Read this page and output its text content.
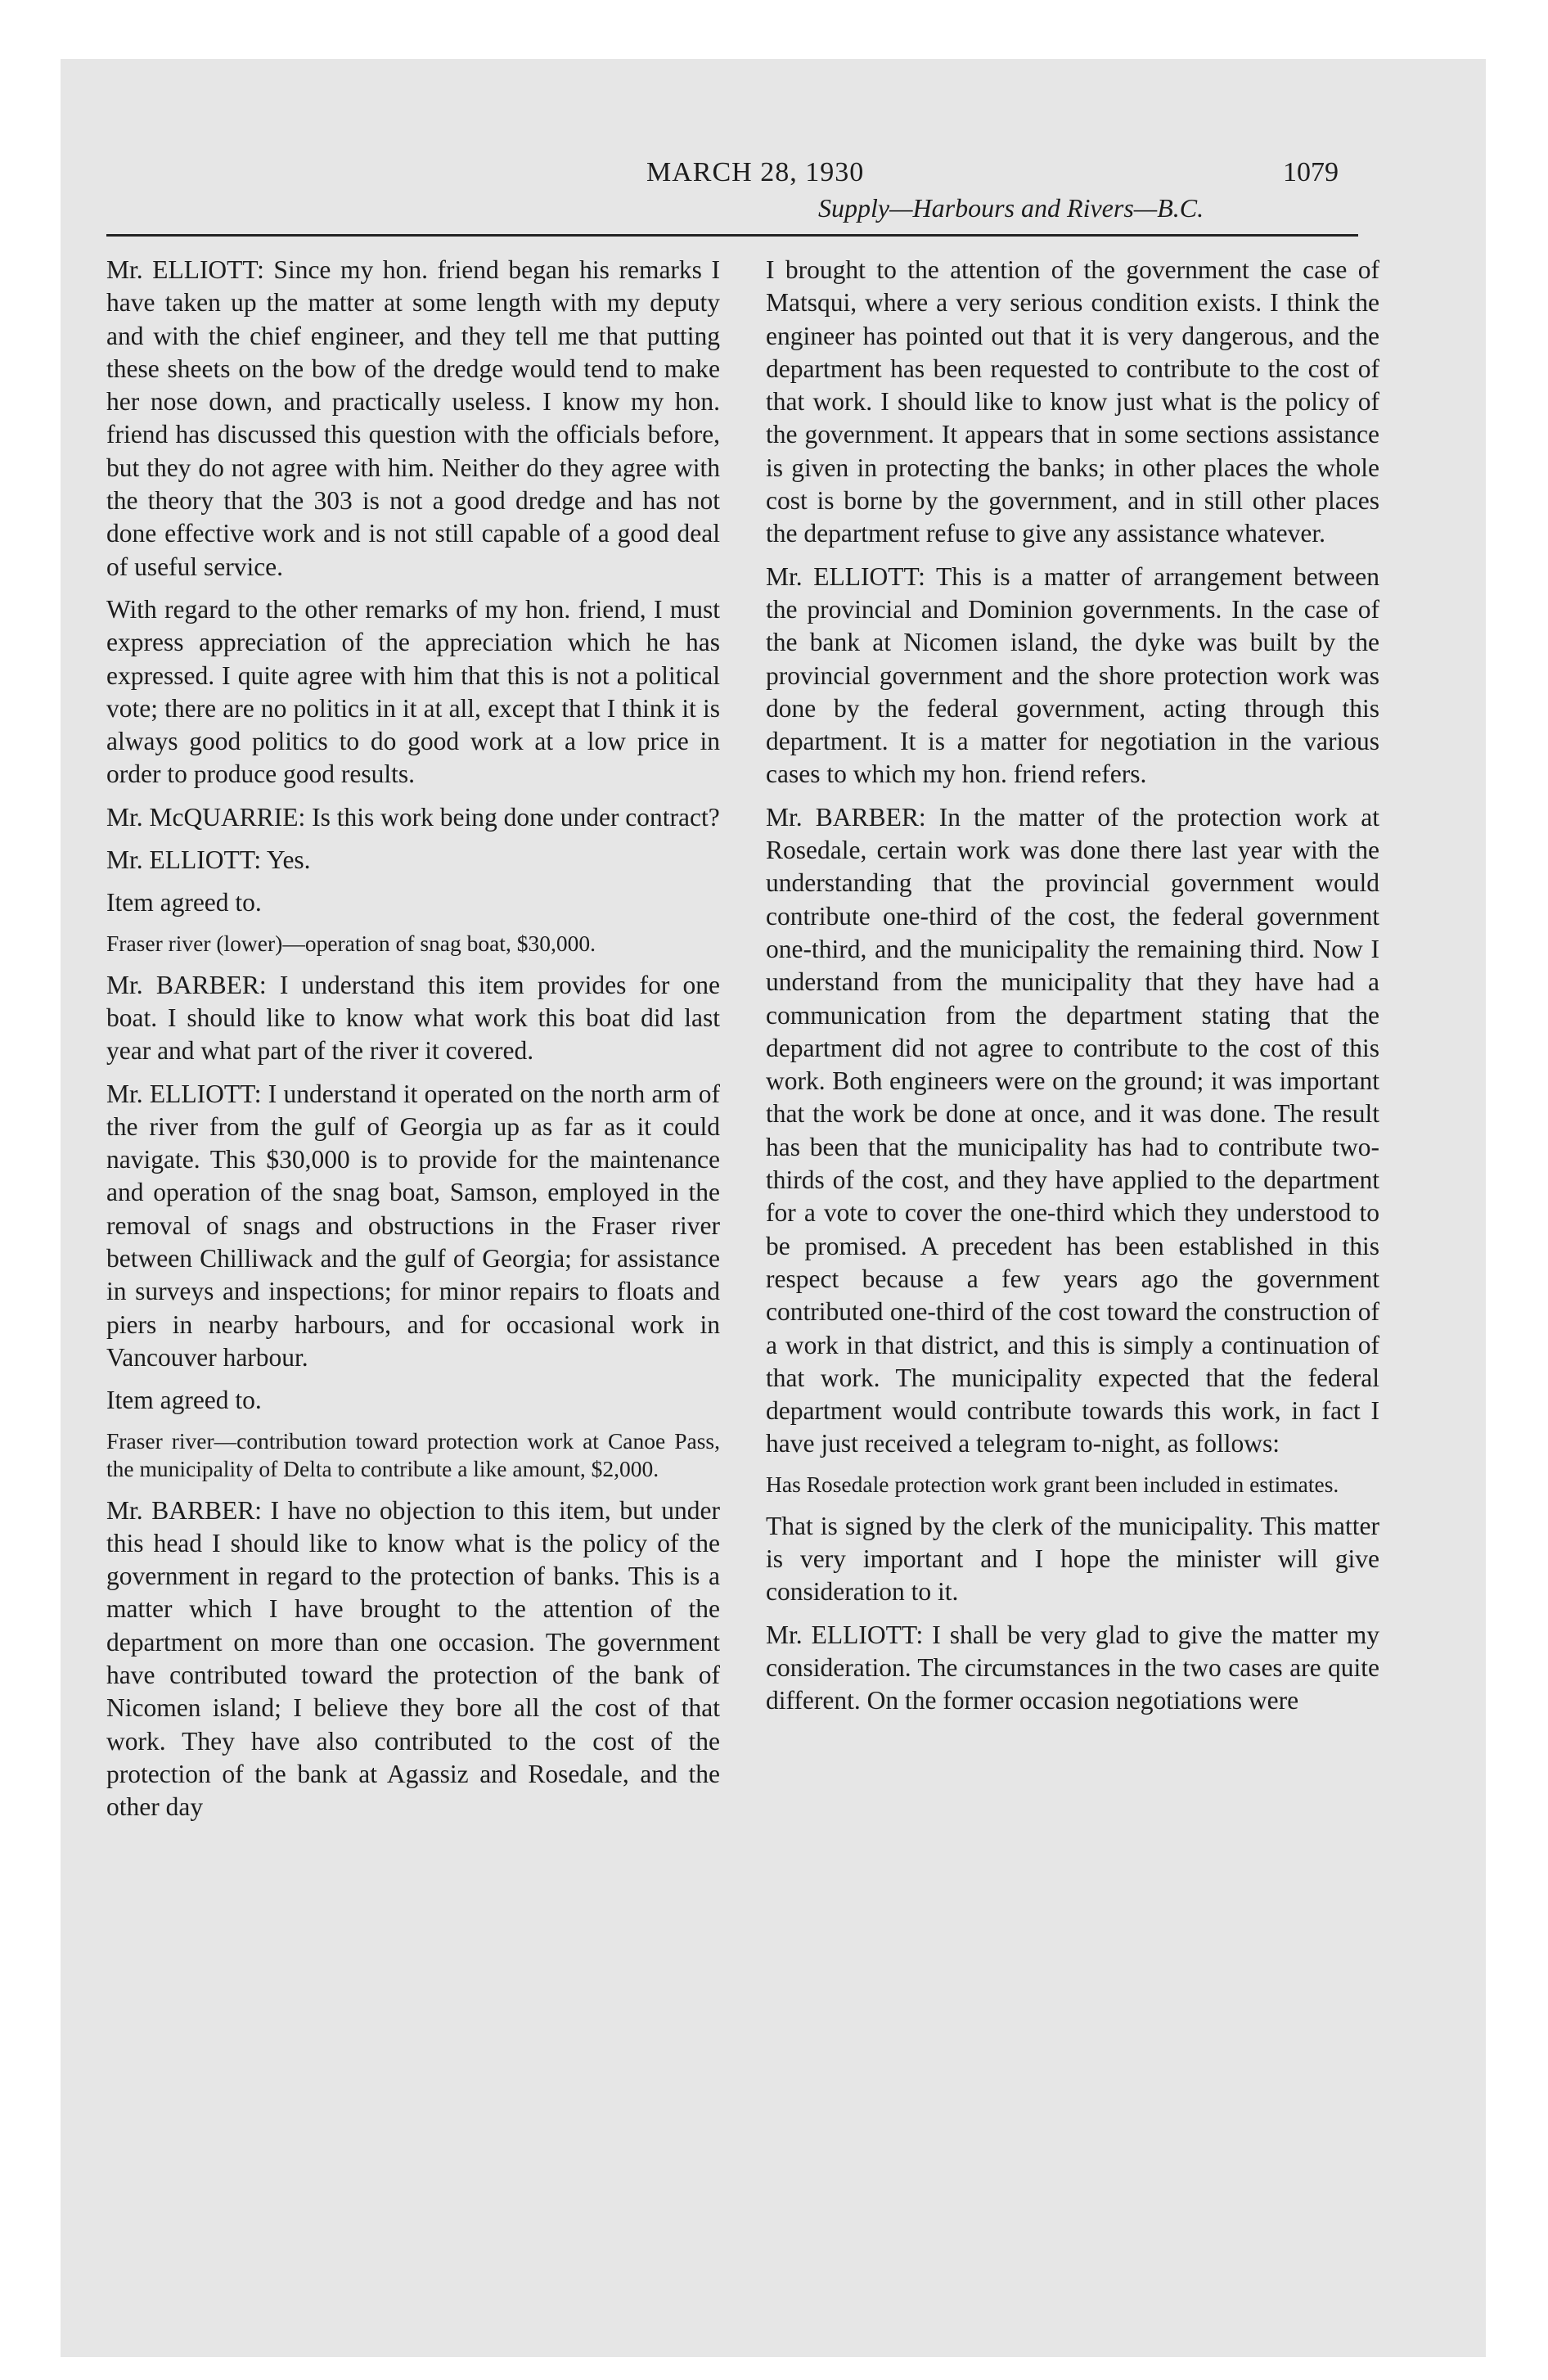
MARCH 28, 1930	1079
Supply—Harbours and Rivers—B.C.

Mr. ELLIOTT: Since my hon. friend began his remarks I have taken up the matter at some length with my deputy and with the chief engineer, and they tell me that putting these sheets on the bow of the dredge would tend to make her nose down, and practically useless. I know my hon. friend has discussed this question with the officials before, but they do not agree with him. Neither do they agree with the theory that the 303 is not a good dredge and has not done effective work and is not still capable of a good deal of useful service.

With regard to the other remarks of my hon. friend, I must express appreciation of the appreciation which he has expressed. I quite agree with him that this is not a political vote; there are no politics in it at all, except that I think it is always good politics to do good work at a low price in order to produce good results.

Mr. McQUARRIE: Is this work being done under contract?

Mr. ELLIOTT: Yes.

Item agreed to.

Fraser river (lower)—operation of snag boat, $30,000.

Mr. BARBER: I understand this item provides for one boat. I should like to know what work this boat did last year and what part of the river it covered.

Mr. ELLIOTT: I understand it operated on the north arm of the river from the gulf of Georgia up as far as it could navigate. This $30,000 is to provide for the maintenance and operation of the snag boat, Samson, employed in the removal of snags and obstructions in the Fraser river between Chilliwack and the gulf of Georgia; for assistance in surveys and inspections; for minor repairs to floats and piers in nearby harbours, and for occasional work in Vancouver harbour.

Item agreed to.

Fraser river—contribution toward protection work at Canoe Pass, the municipality of Delta to contribute a like amount, $2,000.

Mr. BARBER: I have no objection to this item, but under this head I should like to know what is the policy of the government in regard to the protection of banks. This is a matter which I have brought to the attention of the department on more than one occasion. The government have contributed toward the protection of the bank of Nicomen island; I believe they bore all the cost of that work. They have also contributed to the cost of the protection of the bank at Agassiz and Rosedale, and the other day

I brought to the attention of the government the case of Matsqui, where a very serious condition exists. I think the engineer has pointed out that it is very dangerous, and the department has been requested to contribute to the cost of that work. I should like to know just what is the policy of the government. It appears that in some sections assistance is given in protecting the banks; in other places the whole cost is borne by the government, and in still other places the department refuse to give any assistance whatever.

Mr. ELLIOTT: This is a matter of arrangement between the provincial and Dominion governments. In the case of the bank at Nicomen island, the dyke was built by the provincial government and the shore protection work was done by the federal government, acting through this department. It is a matter for negotiation in the various cases to which my hon. friend refers.

Mr. BARBER: In the matter of the protection work at Rosedale, certain work was done there last year with the understanding that the provincial government would contribute one-third of the cost, the federal government one-third, and the municipality the remaining third. Now I understand from the municipality that they have had a communication from the department stating that the department did not agree to contribute to the cost of this work. Both engineers were on the ground; it was important that the work be done at once, and it was done. The result has been that the municipality has had to contribute two-thirds of the cost, and they have applied to the department for a vote to cover the one-third which they understood to be promised. A precedent has been established in this respect because a few years ago the government contributed one-third of the cost toward the construction of a work in that district, and this is simply a continuation of that work. The municipality expected that the federal department would contribute towards this work, in fact I have just received a telegram to-night, as follows:

Has Rosedale protection work grant been included in estimates.

That is signed by the clerk of the municipality. This matter is very important and I hope the minister will give consideration to it.

Mr. ELLIOTT: I shall be very glad to give the matter my consideration. The circumstances in the two cases are quite different. On the former occasion negotiations were
